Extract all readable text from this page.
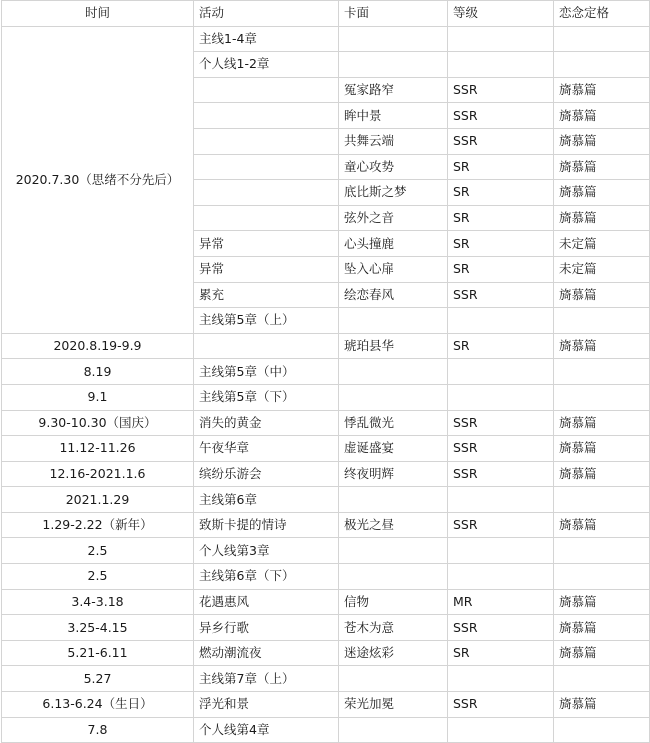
时间	活动	卡面	等级	恋念定格
2020.7.30（思绪不分先后）	主线1-4章			
	个人线1-2章			
		冤家路窄	SSR	旖慕篇
		眸中景	SSR	旖慕篇
		共舞云端	SSR	旖慕篇
		童心攻势	SR	旖慕篇
		底比斯之梦	SR	旖慕篇
		弦外之音	SR	旖慕篇
	异常	心头撞鹿	SR	未定篇
	异常	坠入心扉	SR	未定篇
	累充	绘恋春风	SSR	旖慕篇
	主线第5章（上）			
2020.8.19-9.9		琥珀县华	SR	旖慕篇
8.19	主线第5章（中）			
9.1	主线第5章（下）			
9.30-10.30（国庆）	消失的黄金	悸乱微光	SSR	旖慕篇
11.12-11.26	午夜华章	虚诞盛宴	SSR	旖慕篇
12.16-2021.1.6	缤纷乐游会	终夜明辉	SSR	旖慕篇
2021.1.29	主线第6章			
1.29-2.22（新年）	致斯卡提的情诗	极光之昼	SSR	旖慕篇
2.5	个人线第3章			
2.5	主线第6章（下）			
3.4-3.18	花遇惠风	信物	MR	旖慕篇
3.25-4.15	异乡行歌	苍木为意	SSR	旖慕篇
5.21-6.11	燃动潮流夜	迷途炫彩	SR	旖慕篇
5.27	主线第7章（上）			
6.13-6.24（生日）	浮光和景	荣光加冕	SSR	旖慕篇
7.8	个人线第4章			
